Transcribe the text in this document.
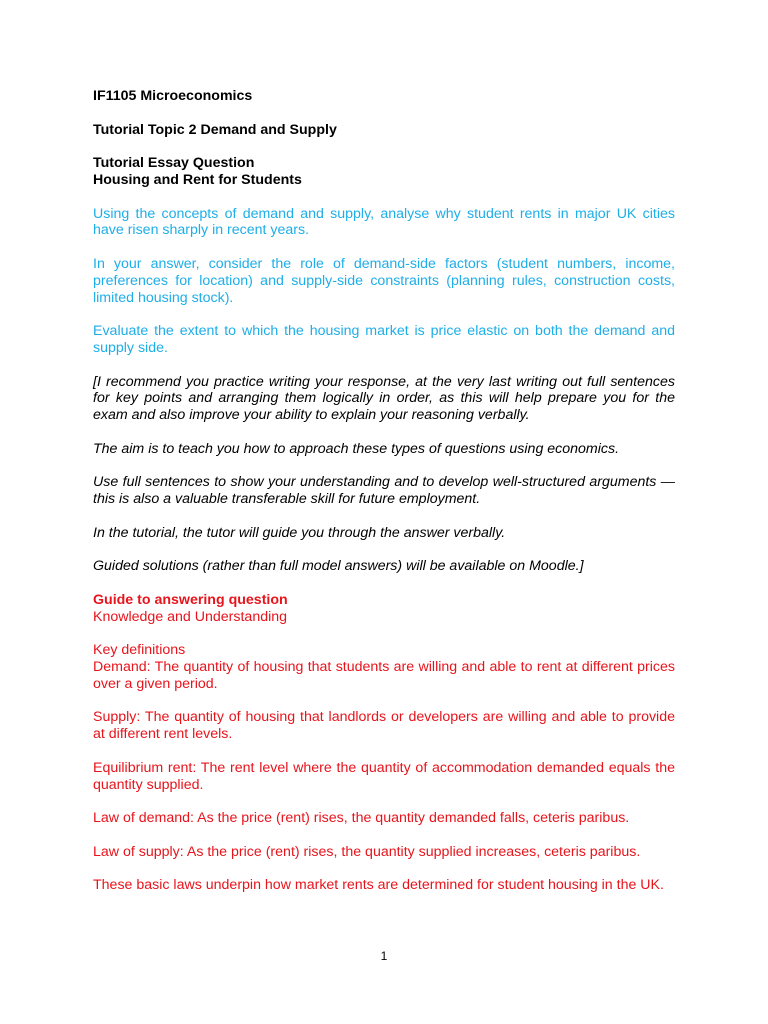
IF1105 Microeconomics

Tutorial Topic 2 Demand and Supply

Tutorial Essay Question
Housing and Rent for Students

Using the concepts of demand and supply, analyse why student rents in major UK cities have risen sharply in recent years.

In your answer, consider the role of demand-side factors (student numbers, income, preferences for location) and supply-side constraints (planning rules, construction costs, limited housing stock).

Evaluate the extent to which the housing market is price elastic on both the demand and supply side.

[I recommend you practice writing your response, at the very last writing out full sentences for key points and arranging them logically in order, as this will help prepare you for the exam and also improve your ability to explain your reasoning verbally.

The aim is to teach you how to approach these types of questions using economics.

Use full sentences to show your understanding and to develop well-structured arguments — this is also a valuable transferable skill for future employment.

In the tutorial, the tutor will guide you through the answer verbally.

Guided solutions (rather than full model answers) will be available on Moodle.]

Guide to answering question
Knowledge and Understanding

Key definitions
Demand: The quantity of housing that students are willing and able to rent at different prices over a given period.

Supply: The quantity of housing that landlords or developers are willing and able to provide at different rent levels.

Equilibrium rent: The rent level where the quantity of accommodation demanded equals the quantity supplied.

Law of demand: As the price (rent) rises, the quantity demanded falls, ceteris paribus.

Law of supply: As the price (rent) rises, the quantity supplied increases, ceteris paribus.

These basic laws underpin how market rents are determined for student housing in the UK.

1
